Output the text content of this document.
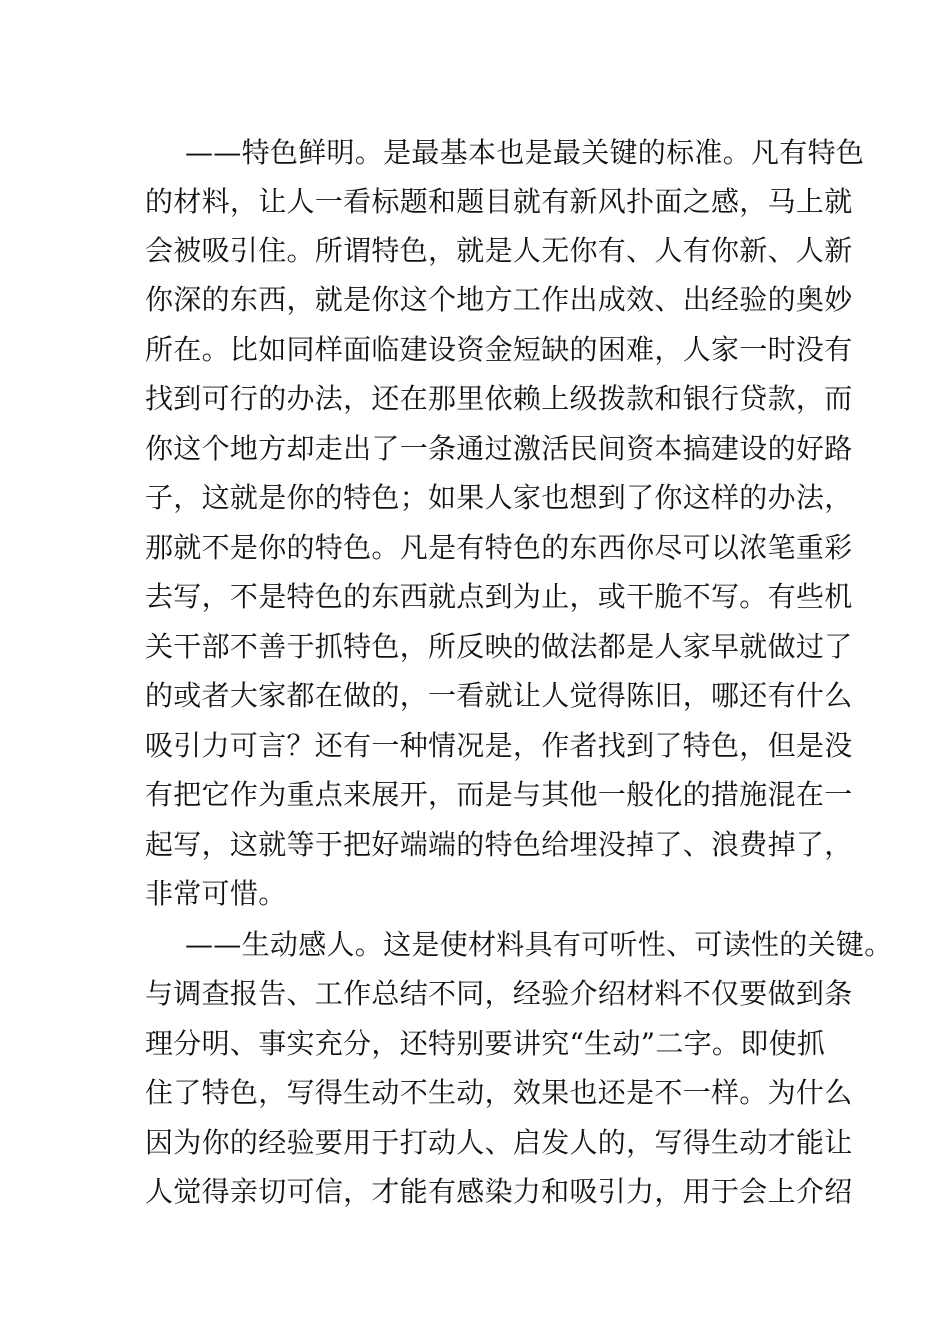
——特色鲜明。是最基本也是最关键的标准。凡有特色
的材料，让人一看标题和题目就有新风扑面之感，马上就
会被吸引住。所谓特色，就是人无你有、人有你新、人新
你深的东西，就是你这个地方工作出成效、出经验的奥妙
所在。比如同样面临建设资金短缺的困难，人家一时没有
找到可行的办法，还在那里依赖上级拨款和银行贷款，而
你这个地方却走出了一条通过激活民间资本搞建设的好路
子，这就是你的特色；如果人家也想到了你这样的办法，
那就不是你的特色。凡是有特色的东西你尽可以浓笔重彩
去写，不是特色的东西就点到为止，或干脆不写。有些机
关干部不善于抓特色，所反映的做法都是人家早就做过了
的或者大家都在做的，一看就让人觉得陈旧，哪还有什么
吸引力可言？还有一种情况是，作者找到了特色，但是没
有把它作为重点来展开，而是与其他一般化的措施混在一
起写，这就等于把好端端的特色给埋没掉了、浪费掉了，
非常可惜。
——生动感人。这是使材料具有可听性、可读性的关键。
与调查报告、工作总结不同，经验介绍材料不仅要做到条
理分明、事实充分，还特别要讲究“生动”二字。即使抓
住了特色，写得生动不生动，效果也还是不一样。为什么
因为你的经验要用于打动人、启发人的，写得生动才能让
人觉得亲切可信，才能有感染力和吸引力，用于会上介绍
